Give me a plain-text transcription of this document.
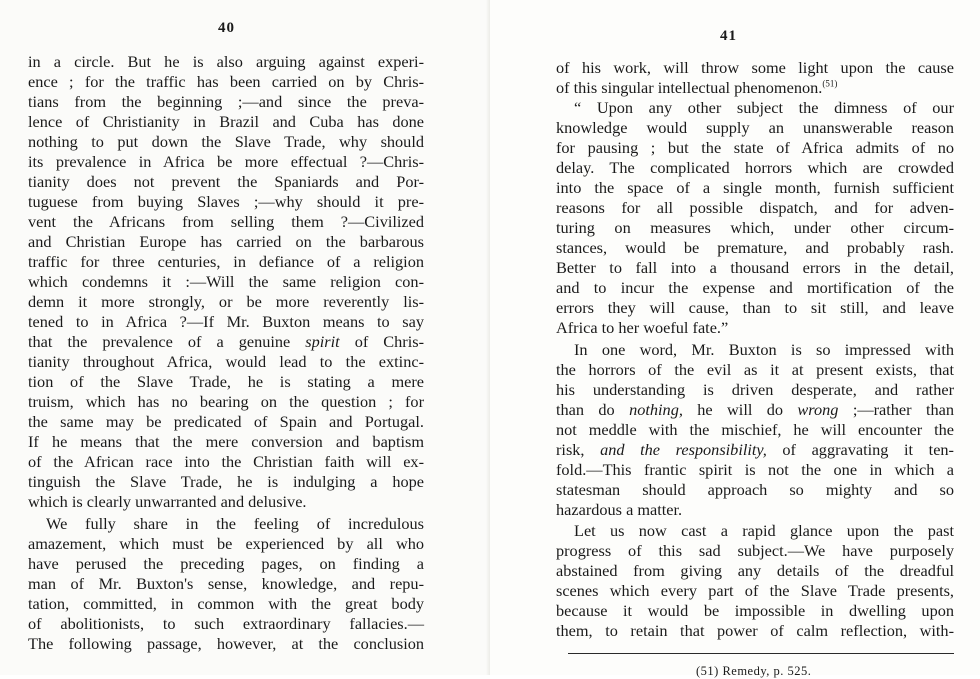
40	41
in a circle. But he is also arguing against experi-
ence ; for the traffic has been carried on by Chris-
tians from the beginning ;—and since the preva-
lence of Christianity in Brazil and Cuba has done
nothing to put down the Slave Trade, why should
its prevalence in Africa be more effectual ?—Chris-
tianity does not prevent the Spaniards and Por-
tuguese from buying Slaves ;—why should it pre-
vent the Africans from selling them ?—Civilized
and Christian Europe has carried on the barbarous
traffic for three centuries, in defiance of a religion
which condemns it :—Will the same religion con-
demn it more strongly, or be more reverently lis-
tened to in Africa ?—If Mr. Buxton means to say
that the prevalence of a genuine spirit of Chris-
tianity throughout Africa, would lead to the extinc-
tion of the Slave Trade, he is stating a mere
truism, which has no bearing on the question ; for
the same may be predicated of Spain and Portugal.
If he means that the mere conversion and baptism
of the African race into the Christian faith will ex-
tinguish the Slave Trade, he is indulging a hope
which is clearly unwarranted and delusive.
We fully share in the feeling of incredulous
amazement, which must be experienced by all who
have perused the preceding pages, on finding a
man of Mr. Buxton's sense, knowledge, and repu-
tation, committed, in common with the great body
of abolitionists, to such extraordinary fallacies.—
The following passage, however, at the conclusion
of his work, will throw some light upon the cause
of this singular intellectual phenomenon.$^{(51)}$
“ Upon any other subject the dimness of our
knowledge would supply an unanswerable reason
for pausing ; but the state of Africa admits of no
delay. The complicated horrors which are crowded
into the space of a single month, furnish sufficient
reasons for all possible dispatch, and for adven-
turing on measures which, under other circum-
stances, would be premature, and probably rash.
Better to fall into a thousand errors in the detail,
and to incur the expense and mortification of the
errors they will cause, than to sit still, and leave
Africa to her woeful fate.”
In one word, Mr. Buxton is so impressed with
the horrors of the evil as it at present exists, that
his understanding is driven desperate, and rather
than do nothing, he will do wrong ;—rather than
not meddle with the mischief, he will encounter the
risk, and the responsibility, of aggravating it ten-
fold.—This frantic spirit is not the one in which a
statesman should approach so mighty and so
hazardous a matter.
Let us now cast a rapid glance upon the past
progress of this sad subject.—We have purposely
abstained from giving any details of the dreadful
scenes which every part of the Slave Trade presents,
because it would be impossible in dwelling upon
them, to retain that power of calm reflection, with-
(51) Remedy, p. 525.
